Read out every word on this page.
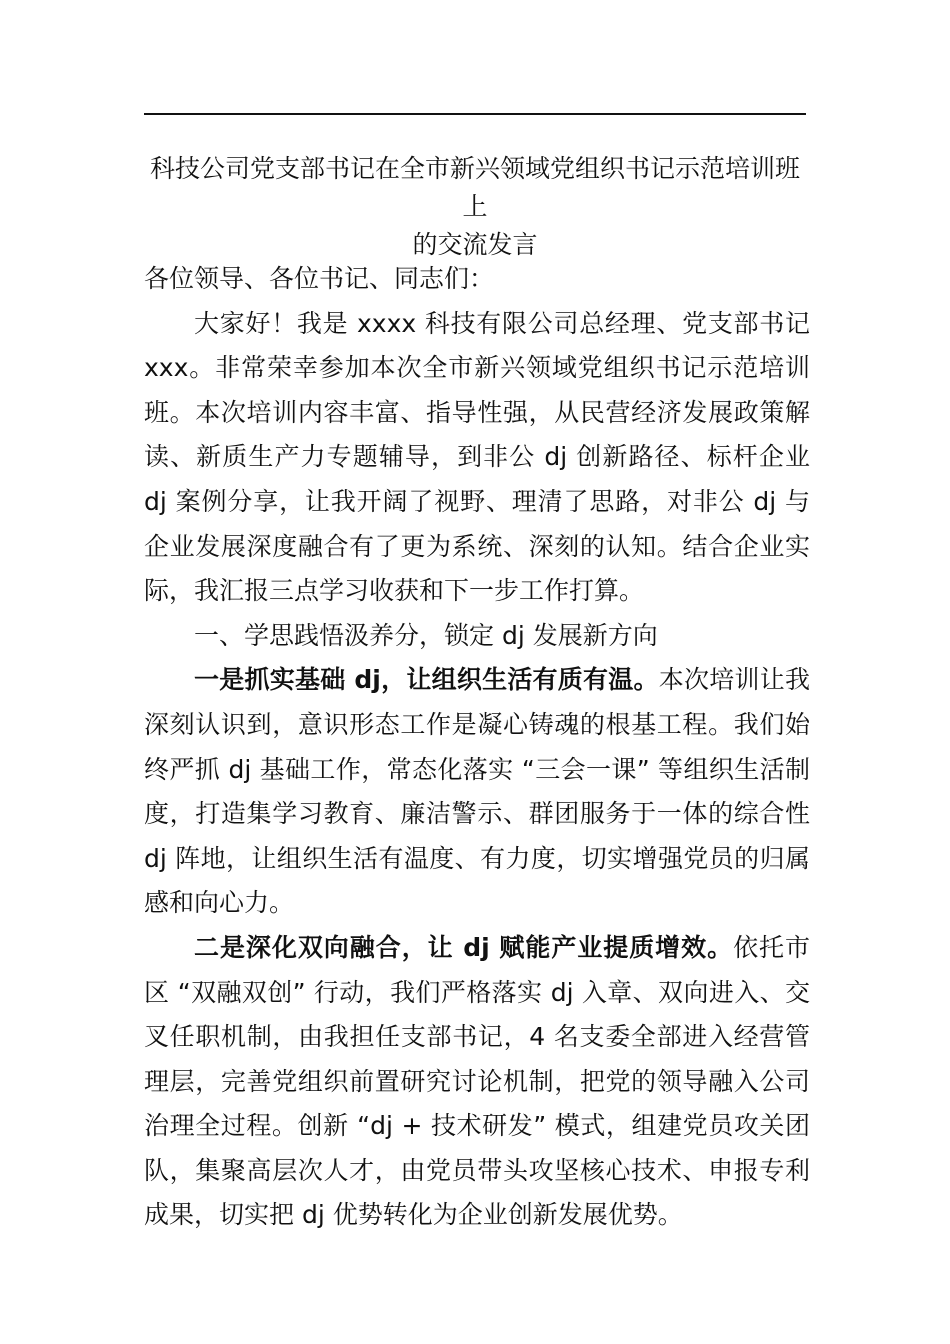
科技公司党支部书记在全市新兴领域党组织书记示范培训班上
的交流发言

各位领导、各位书记、同志们：

大家好！我是 xxxx 科技有限公司总经理、党支部书记 xxx。非常荣幸参加本次全市新兴领域党组织书记示范培训班。本次培训内容丰富、指导性强，从民营经济发展政策解读、新质生产力专题辅导，到非公 dj 创新路径、标杆企业 dj 案例分享，让我开阔了视野、理清了思路，对非公 dj 与企业发展深度融合有了更为系统、深刻的认知。结合企业实际，我汇报三点学习收获和下一步工作打算。

一、学思践悟汲养分，锁定 dj 发展新方向

一是抓实基础 dj，让组织生活有质有温。本次培训让我深刻认识到，意识形态工作是凝心铸魂的根基工程。我们始终严抓 dj 基础工作，常态化落实 “三会一课” 等组织生活制度，打造集学习教育、廉洁警示、群团服务于一体的综合性 dj 阵地，让组织生活有温度、有力度，切实增强党员的归属感和向心力。

二是深化双向融合，让 dj 赋能产业提质增效。依托市区 “双融双创” 行动，我们严格落实 dj 入章、双向进入、交叉任职机制，由我担任支部书记，4 名支委全部进入经营管理层，完善党组织前置研究讨论机制，把党的领导融入公司治理全过程。创新 “dj + 技术研发” 模式，组建党员攻关团队，集聚高层次人才，由党员带头攻坚核心技术、申报专利成果，切实把 dj 优势转化为企业创新发展优势。
